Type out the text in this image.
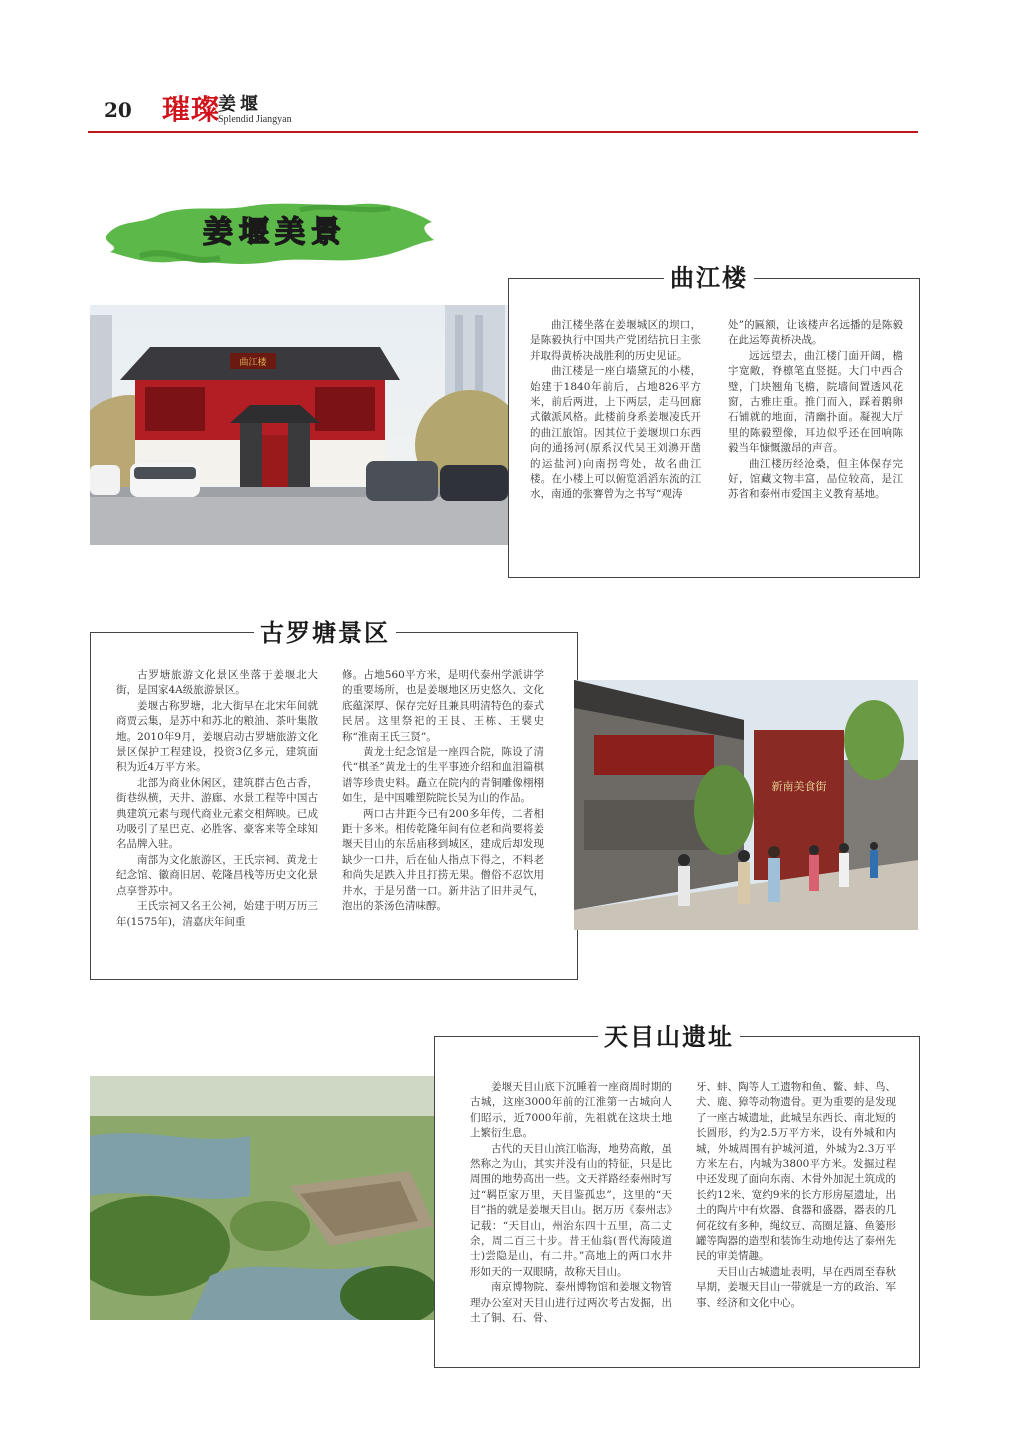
20 璀璨
姜堰
Splendid Jiangyan
姜堰美景
曲江楼
曲江楼

曲江楼坐落在姜堰城区的坝口，是陈毅执行中国共产党团结抗日主张并取得黄桥决战胜利的历史见证。

曲江楼是一座白墙黛瓦的小楼，始建于1840年前后，占地826平方米，前后两进，上下两层，走马回廊式徽派风格。此楼前身系姜堰凌氏开的曲江旅馆。因其位于姜堰坝口东西向的通扬河(原系汉代吴王刘濞开凿的运盐河)向南拐弯处，故名曲江楼。在小楼上可以俯览滔滔东流的江水，南通的张謇曾为之书写“观涛

处”的匾额，让该楼声名远播的是陈毅在此运筹黄桥决战。

远远望去，曲江楼门面开阔，檐宇宽敞，脊檩笔直竖挺。大门中西合璧，门块翘角飞檐，院墙间置透风花窗，古雅庄重。推门而入，踩着鹅卵石铺就的地面，清幽扑面。凝视大厅里的陈毅塑像，耳边似乎还在回响陈毅当年慷慨激昂的声音。

曲江楼历经沧桑，但主体保存完好，馆藏文物丰富，品位较高，是江苏省和泰州市爱国主义教育基地。

古罗塘景区

古罗塘旅游文化景区坐落于姜堰北大街，是国家4A级旅游景区。

姜堰古称罗塘，北大街早在北宋年间就商贾云集，是苏中和苏北的粮油、茶叶集散地。2010年9月，姜堰启动古罗塘旅游文化景区保护工程建设，投资3亿多元，建筑面积为近4万平方米。

北部为商业休闲区，建筑群古色古香，街巷纵横，天井、游廊、水景工程等中国古典建筑元素与现代商业元素交相辉映。已成功吸引了星巴克、必胜客、豪客来等全球知名品牌入驻。

南部为文化旅游区，王氏宗祠、黄龙士纪念馆、徽商旧居、乾隆昌栈等历史文化景点享誉苏中。

王氏宗祠又名王公祠，始建于明万历三年(1575年)，清嘉庆年间重

修。占地560平方米，是明代泰州学派讲学的重要场所，也是姜堰地区历史悠久、文化底蕴深厚、保存完好且兼具明清特色的泰式民居。这里祭祀的王艮、王栋、王襞史称“淮南王氏三贤”。

黄龙士纪念馆是一座四合院，陈设了清代“棋圣”黄龙士的生平事迹介绍和血泪篇棋谱等珍贵史料。矗立在院内的青铜雕像栩栩如生，是中国雕塑院院长吴为山的作品。

两口古井距今已有200多年传，二者相距十多米。相传乾隆年间有位老和尚要将姜堰天目山的东岳庙移到城区，建成后却发现缺少一口井，后在仙人指点下得之，不料老和尚失足跌入井且打捞无果。僧俗不忍饮用井水，于是另凿一口。新井沾了旧井灵气，泡出的茶汤色清味醇。

新南美食街
天目山遗址

姜堰天目山底下沉睡着一座商周时期的古城，这座3000年前的江淮第一古城向人们昭示，近7000年前，先祖就在这块土地上繁衍生息。

古代的天目山滨江临海，地势高敞，虽然称之为山，其实并没有山的特征，只是比周围的地势高出一些。文天祥路经泰州时写过“羁臣家万里，天目鉴孤忠”，这里的“天目”指的就是姜堰天目山。据万历《泰州志》记载：“天目山，州治东四十五里，高二丈余，周二百三十步。昔王仙翁(晋代海陵道士)尝隐是山，有二井。”高地上的两口水井形如天的一双眼睛，故称天目山。

南京博物院、泰州博物馆和姜堰文物管理办公室对天目山进行过两次考古发掘，出土了铜、石、骨、

牙、蚌、陶等人工遗物和鱼、鳖、蚌、鸟、犬、鹿、獐等动物遗骨。更为重要的是发现了一座古城遗址，此城呈东西长、南北短的长圆形，约为2.5万平方米，设有外城和内城，外城周围有护城河道，外城为2.3万平方米左右，内城为3800平方米。发掘过程中还发现了面向东南、木骨外加泥土筑成的长约12米、宽约9米的长方形房屋遗址，出土的陶片中有炊器、食器和盛器，器表的几何花纹有多种，绳纹豆、高圈足簋、鱼篓形罐等陶器的造型和装饰生动地传达了泰州先民的审美情趣。

天目山古城遗址表明，早在西周至春秋早期，姜堰天目山一带就是一方的政治、军事、经济和文化中心。
